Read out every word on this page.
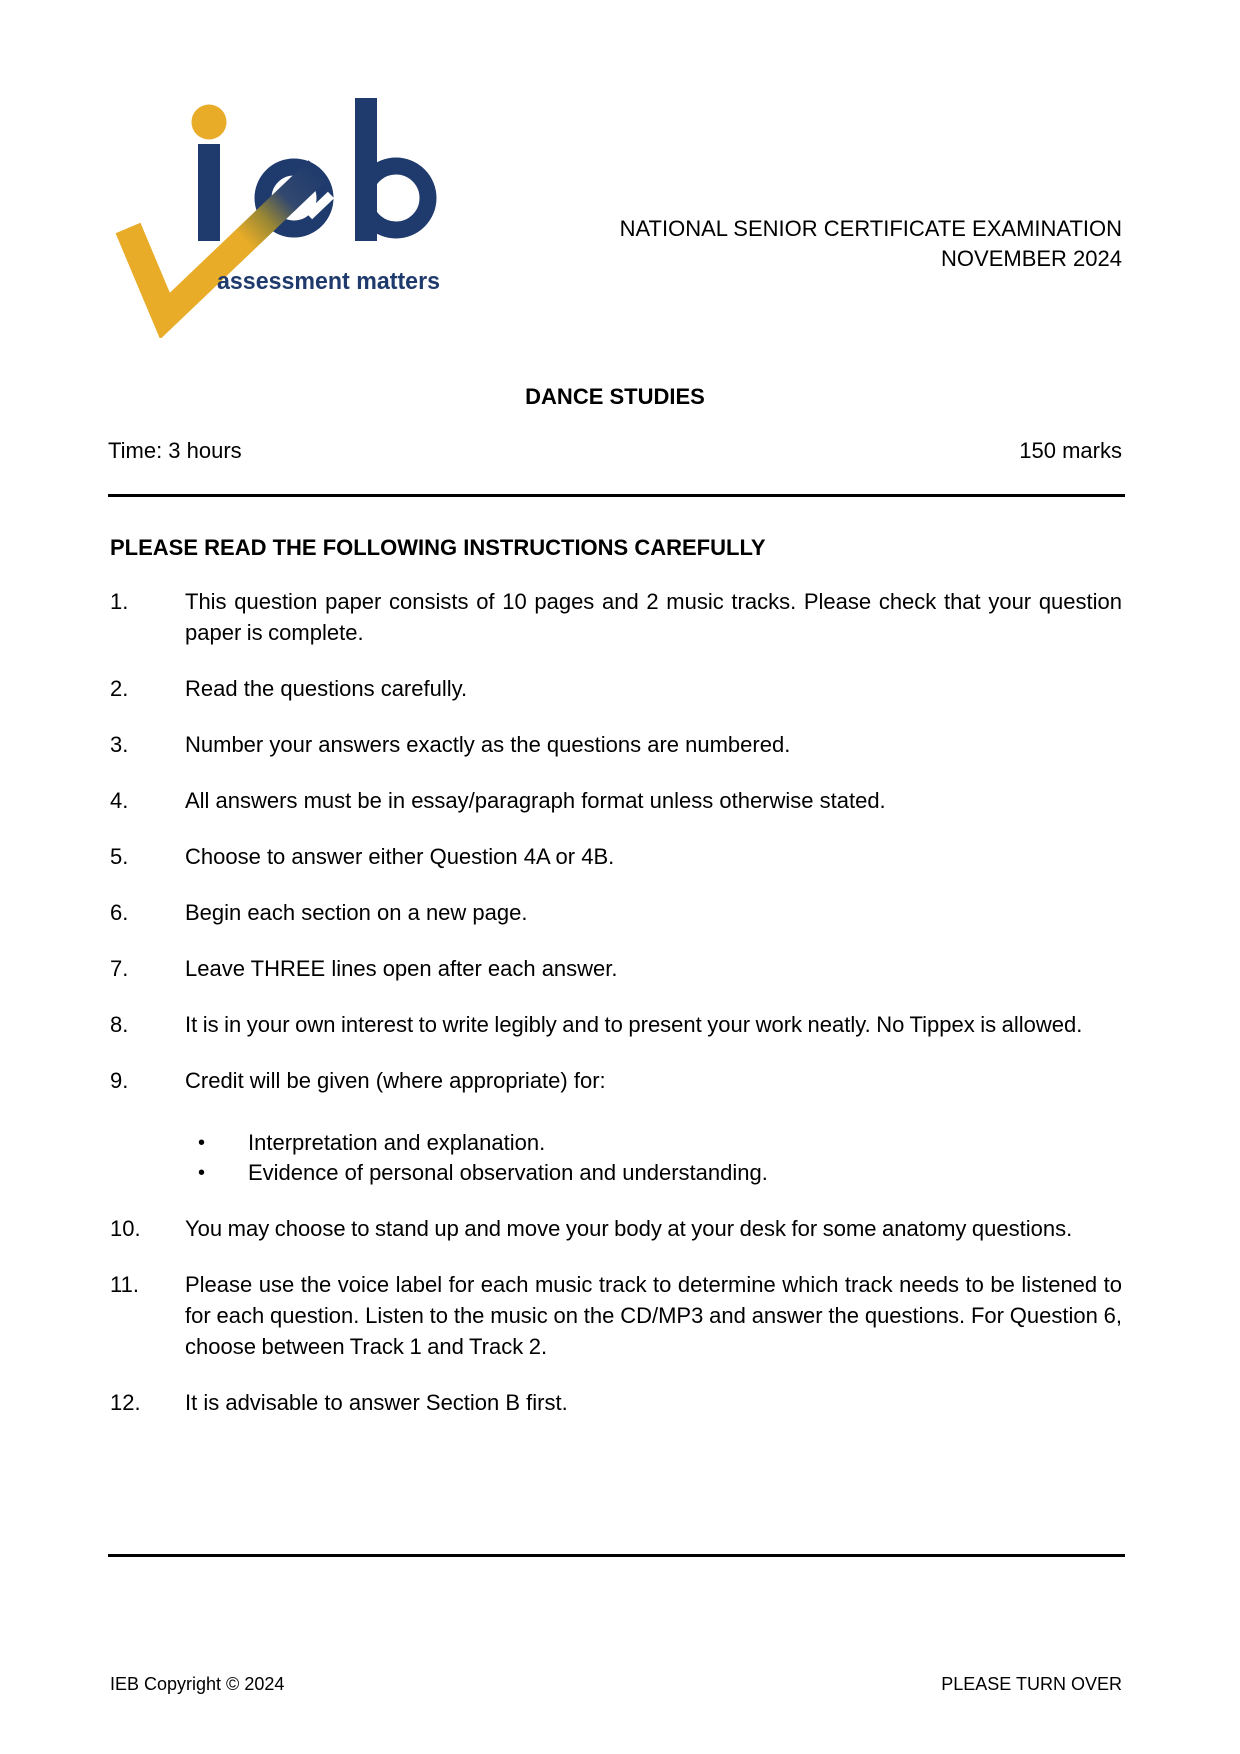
assessment matters
NATIONAL SENIOR CERTIFICATE EXAMINATION
NOVEMBER 2024
DANCE STUDIES
Time: 3 hours	150 marks
PLEASE READ THE FOLLOWING INSTRUCTIONS CAREFULLY
1.	This question paper consists of 10 pages and 2 music tracks. Please check that your question paper is complete.
2.	Read the questions carefully.
3.	Number your answers exactly as the questions are numbered.
4.	All answers must be in essay/paragraph format unless otherwise stated.
5.	Choose to answer either Question 4A or 4B.
6.	Begin each section on a new page.
7.	Leave THREE lines open after each answer.
8.	It is in your own interest to write legibly and to present your work neatly. No Tippex is allowed.
9.	Credit will be given (where appropriate) for:
•	Interpretation and explanation.
•	Evidence of personal observation and understanding.
10.	You may choose to stand up and move your body at your desk for some anatomy questions.
11.	Please use the voice label for each music track to determine which track needs to be listened to for each question. Listen to the music on the CD/MP3 and answer the questions. For Question 6, choose between Track 1 and Track 2.
12.	It is advisable to answer Section B first.
IEB Copyright © 2024	PLEASE TURN OVER
